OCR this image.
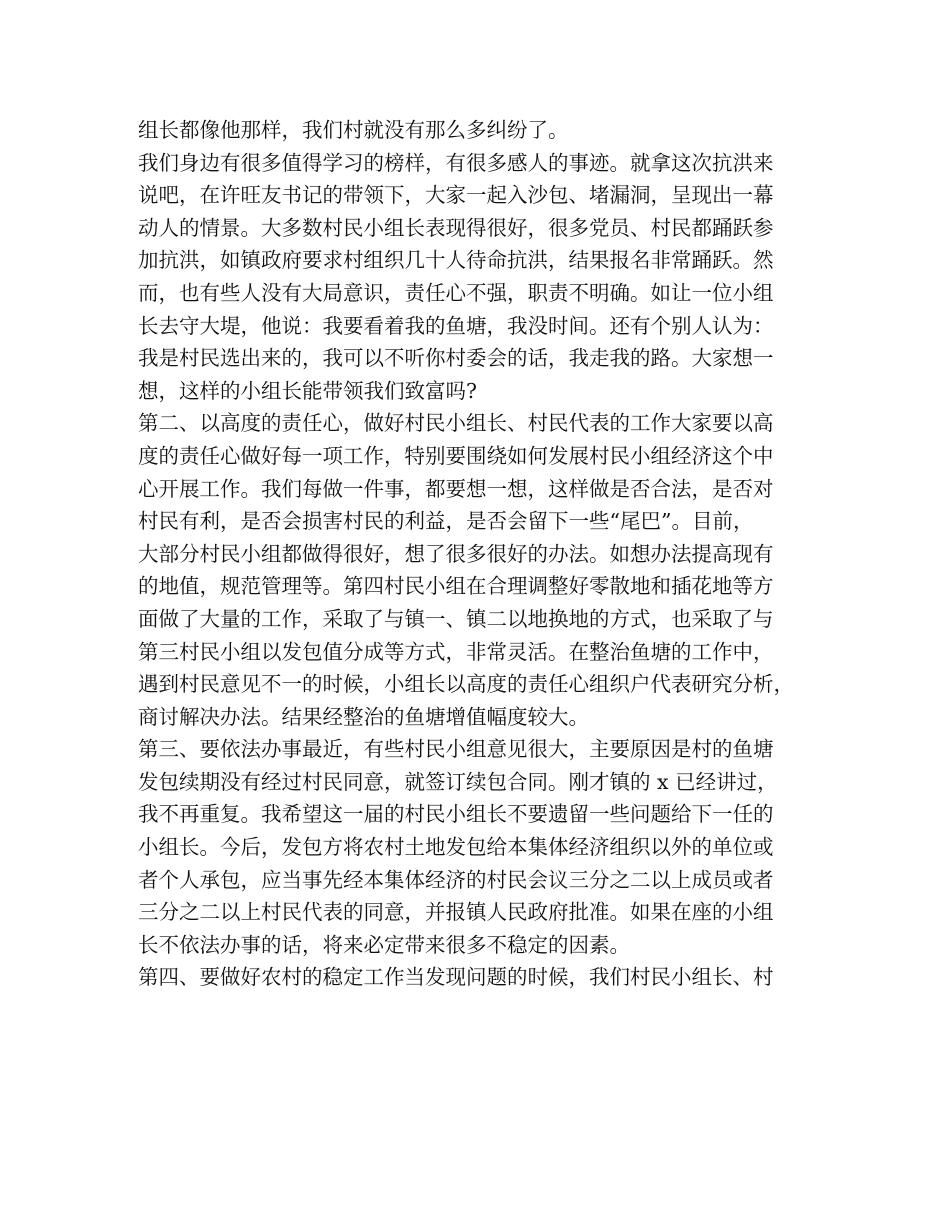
组长都像他那样，我们村就没有那么多纠纷了。
我们身边有很多值得学习的榜样，有很多感人的事迹。就拿这次抗洪来
说吧，在许旺友书记的带领下，大家一起入沙包、堵漏洞，呈现出一幕
动人的情景。大多数村民小组长表现得很好，很多党员、村民都踊跃参
加抗洪，如镇政府要求村组织几十人待命抗洪，结果报名非常踊跃。然
而，也有些人没有大局意识，责任心不强，职责不明确。如让一位小组
长去守大堤，他说：我要看着我的鱼塘，我没时间。还有个别人认为：
我是村民选出来的，我可以不听你村委会的话，我走我的路。大家想一
想，这样的小组长能带领我们致富吗?
第二、以高度的责任心，做好村民小组长、村民代表的工作大家要以高
度的责任心做好每一项工作，特别要围绕如何发展村民小组经济这个中
心开展工作。我们每做一件事，都要想一想，这样做是否合法，是否对
村民有利，是否会损害村民的利益，是否会留下一些“尾巴”。目前，
大部分村民小组都做得很好，想了很多很好的办法。如想办法提高现有
的地值，规范管理等。第四村民小组在合理调整好零散地和插花地等方
面做了大量的工作，采取了与镇一、镇二以地换地的方式，也采取了与
第三村民小组以发包值分成等方式，非常灵活。在整治鱼塘的工作中，
遇到村民意见不一的时候，小组长以高度的责任心组织户代表研究分析，
商讨解决办法。结果经整治的鱼塘增值幅度较大。
第三、要依法办事最近，有些村民小组意见很大，主要原因是村的鱼塘
发包续期没有经过村民同意，就签订续包合同。刚才镇的 x 已经讲过，
我不再重复。我希望这一届的村民小组长不要遗留一些问题给下一任的
小组长。今后，发包方将农村土地发包给本集体经济组织以外的单位或
者个人承包，应当事先经本集体经济的村民会议三分之二以上成员或者
三分之二以上村民代表的同意，并报镇人民政府批准。如果在座的小组
长不依法办事的话，将来必定带来很多不稳定的因素。
第四、要做好农村的稳定工作当发现问题的时候，我们村民小组长、村
